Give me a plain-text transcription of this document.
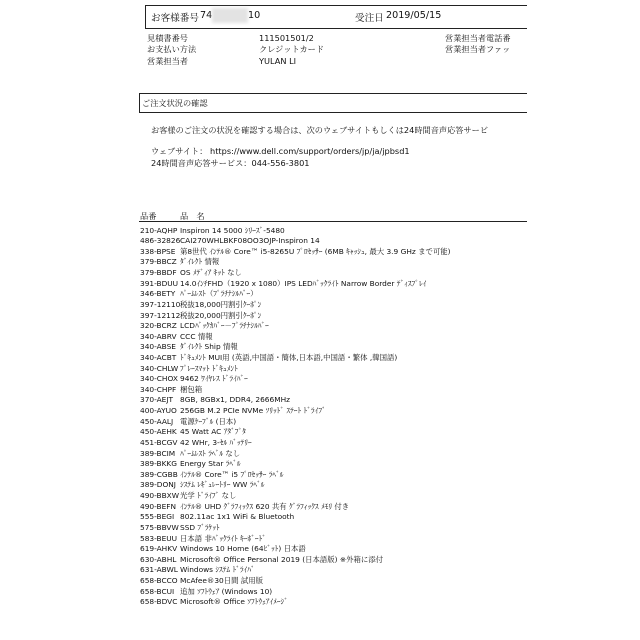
お客様番号 74	10	受注日 2019/05/15
見積書番号	111501501/2
お支払い方法	クレジットカード
営業担当者	YULAN LI
営業担当者電話番
営業担当者ファッ
ご注文状況の確認
お客様のご注文の状況を確認する場合は、次のウェブサイトもしくは24時間音声応答サービ
ウェブサイト： https://www.dell.com/support/orders/jp/ja/jpbsd1
24時間音声応答サービス：044-556-3801
品番	品　名
210-AQHP Inspiron 14 5000 ｼﾘｰｽﾞ-5480
486-32826CAI270WHLBKF08OO3OJP-Inspiron 14
338-BPSE 第8世代 ｲﾝﾃﾙ® Core™ i5-8265U ﾌﾟﾛｾｯｻｰ (6MB ｷｬｯｼｭ, 最大 3.9 GHz まで可能)
379-BBCZ ﾀﾞｲﾚｸﾄ 情報
379-BBDF OS ﾒﾃﾞｨｱ ｷｯﾄ なし
391-BDUU 14.0ｲﾝﾁFHD（1920 x 1080）IPS LEDﾊﾞｯｸﾗｲﾄ Narrow Border ﾃﾞｨｽﾌﾟﾚｲ
346-BETY ﾊﾟｰﾑﾚｽﾄ（ﾌﾟﾗﾁﾅｼﾙﾊﾞｰ）
397-12110税抜18,000円割引ｸｰﾎﾟﾝ
397-12112税抜20,000円割引ｸｰﾎﾟﾝ
320-BCRZ LCDﾊﾞｯｸｶﾊﾞｰ－ﾌﾟﾗﾁﾅｼﾙﾊﾞｰ
340-ABRV CCC 情報
340-ABSE ﾀﾞｲﾚｸﾄ Ship 情報
340-ACBT ﾄﾞｷｭﾒﾝﾄ MUI用 (英語,中国語・簡体,日本語,中国語・繁体 ,韓国語)
340-CHLW ﾌﾟﾚｰｽﾏｯﾄ ﾄﾞｷｭﾒﾝﾄ
340-CHOX 9462 ﾜｲﾔﾚｽ ﾄﾞﾗｲﾊﾞｰ
340-CHPF 梱包箱
370-AEJT 8GB, 8GBx1, DDR4, 2666MHz
400-AYUO 256GB M.2 PCIe NVMe ｿﾘｯﾄﾞ ｽﾃｰﾄ ﾄﾞﾗｲﾌﾞ
450-AALJ 電源ｹｰﾌﾞﾙ (日本)
450-AEHK 45 Watt AC ｱﾀﾞﾌﾟﾀ
451-BCGV 42 WHr, 3-ｾﾙ ﾊﾞｯﾃﾘｰ
389-BCIM ﾊﾟｰﾑﾚｽﾄ ﾗﾍﾞﾙ なし
389-BKKG Energy Star ﾗﾍﾞﾙ
389-CGBB ｲﾝﾃﾙ® Core™ i5 ﾌﾟﾛｾｯｻｰ ﾗﾍﾞﾙ
389-DONJ ｼｽﾃﾑ ﾚｷﾞｭﾚｰﾄﾘｰ WW ﾗﾍﾞﾙ
490-BBXW光学 ﾄﾞﾗｲﾌﾞ なし
490-BEFN ｲﾝﾃﾙ® UHD ｸﾞﾗﾌｨｯｸｽ 620 共有 ｸﾞﾗﾌｨｯｸｽ ﾒﾓﾘ 付き
555-BEGI 802.11ac 1x1 WiFi & Bluetooth
575-BBVWSSD ﾌﾞﾗｹｯﾄ
583-BEUU 日本語 非ﾊﾞｯｸﾗｲﾄ ｷｰﾎﾞｰﾄﾞ
619-AHKV Windows 10 Home (64ﾋﾞｯﾄ) 日本語
630-ABHL Microsoft® Office Personal 2019 (日本語版) ※外箱に添付
631-ABWL Windows ｼｽﾃﾑ ﾄﾞﾗｲﾊﾞ
658-BCCO McAfee®30日間 試用版
658-BCUI 追加 ｿﾌﾄｳｪｱ (Windows 10)
658-BDVC Microsoft® Office ｿﾌﾄｳｪｱｲﾒｰｼﾞ
